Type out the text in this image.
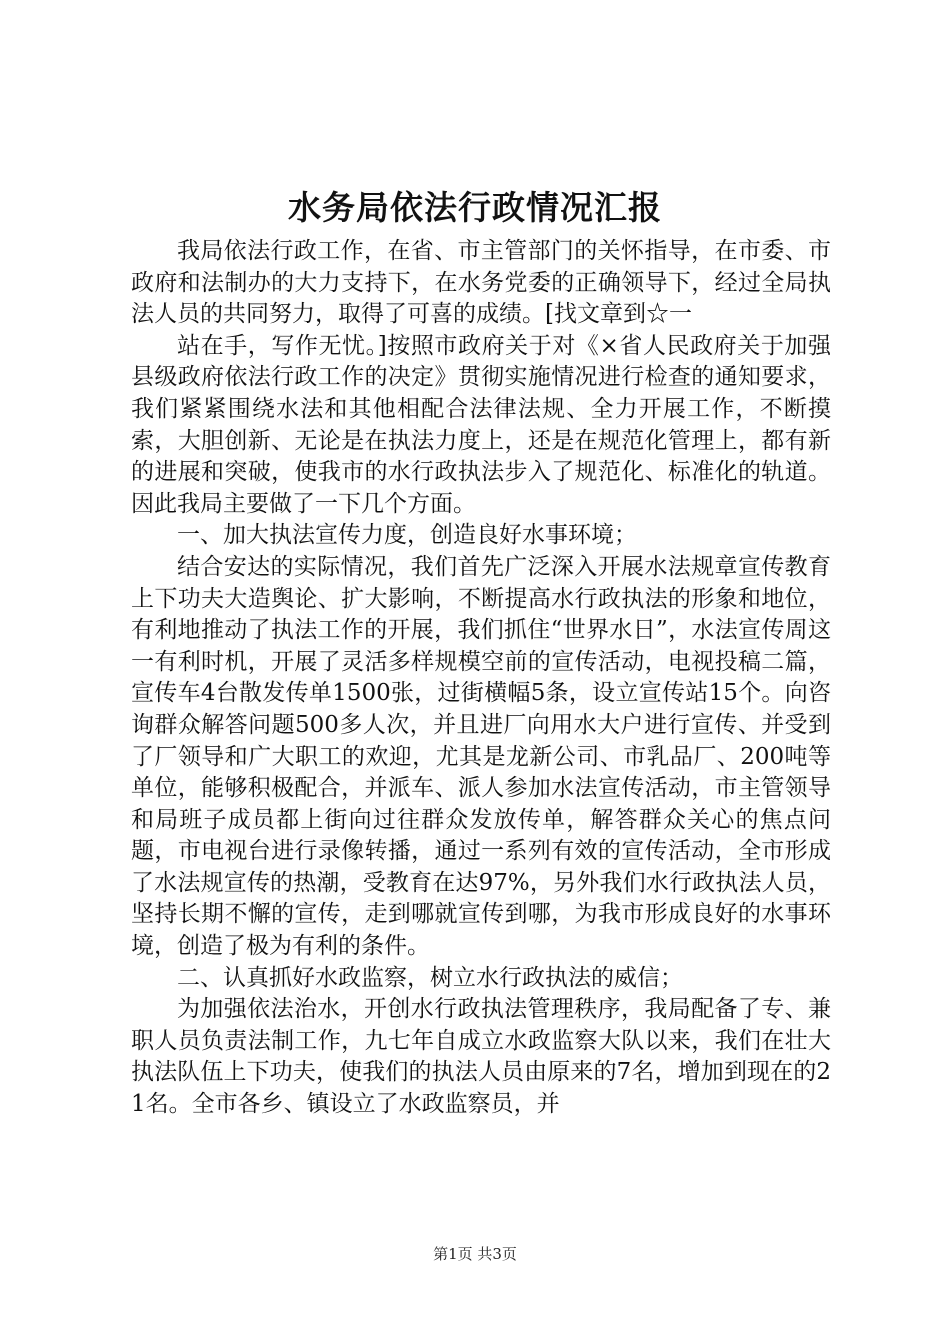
水务局依法行政情况汇报

我局依法行政工作，在省、市主管部门的关怀指导，在市委、市政府和法制办的大力支持下，在水务党委的正确领导下，经过全局执法人员的共同努力，取得了可喜的成绩。[找文章到☆一

站在手，写作无忧。]按照市政府关于对《×省人民政府关于加强县级政府依法行政工作的决定》贯彻实施情况进行检查的通知要求，我们紧紧围绕水法和其他相配合法律法规、全力开展工作，不断摸索，大胆创新、无论是在执法力度上，还是在规范化管理上，都有新的进展和突破，使我市的水行政执法步入了规范化、标准化的轨道。因此我局主要做了一下几个方面。

一、加大执法宣传力度，创造良好水事环境；

结合安达的实际情况，我们首先广泛深入开展水法规章宣传教育上下功夫大造舆论、扩大影响，不断提高水行政执法的形象和地位，有利地推动了执法工作的开展，我们抓住“世界水日”，水法宣传周这一有利时机，开展了灵活多样规模空前的宣传活动，电视投稿二篇，宣传车4台散发传单1500张，过街横幅5条，设立宣传站15个。向咨询群众解答问题500多人次，并且进厂向用水大户进行宣传、并受到了厂领导和广大职工的欢迎，尤其是龙新公司、市乳品厂、200吨等单位，能够积极配合，并派车、派人参加水法宣传活动，市主管领导和局班子成员都上街向过往群众发放传单，解答群众关心的焦点问题，市电视台进行录像转播，通过一系列有效的宣传活动，全市形成了水法规宣传的热潮，受教育在达97%，另外我们水行政执法人员，坚持长期不懈的宣传，走到哪就宣传到哪，为我市形成良好的水事环境，创造了极为有利的条件。

二、认真抓好水政监察，树立水行政执法的威信；

为加强依法治水，开创水行政执法管理秩序，我局配备了专、兼职人员负责法制工作，九七年自成立水政监察大队以来，我们在壮大执法队伍上下功夫，使我们的执法人员由原来的7名，增加到现在的21名。全市各乡、镇设立了水政监察员，并

第1页 共3页
